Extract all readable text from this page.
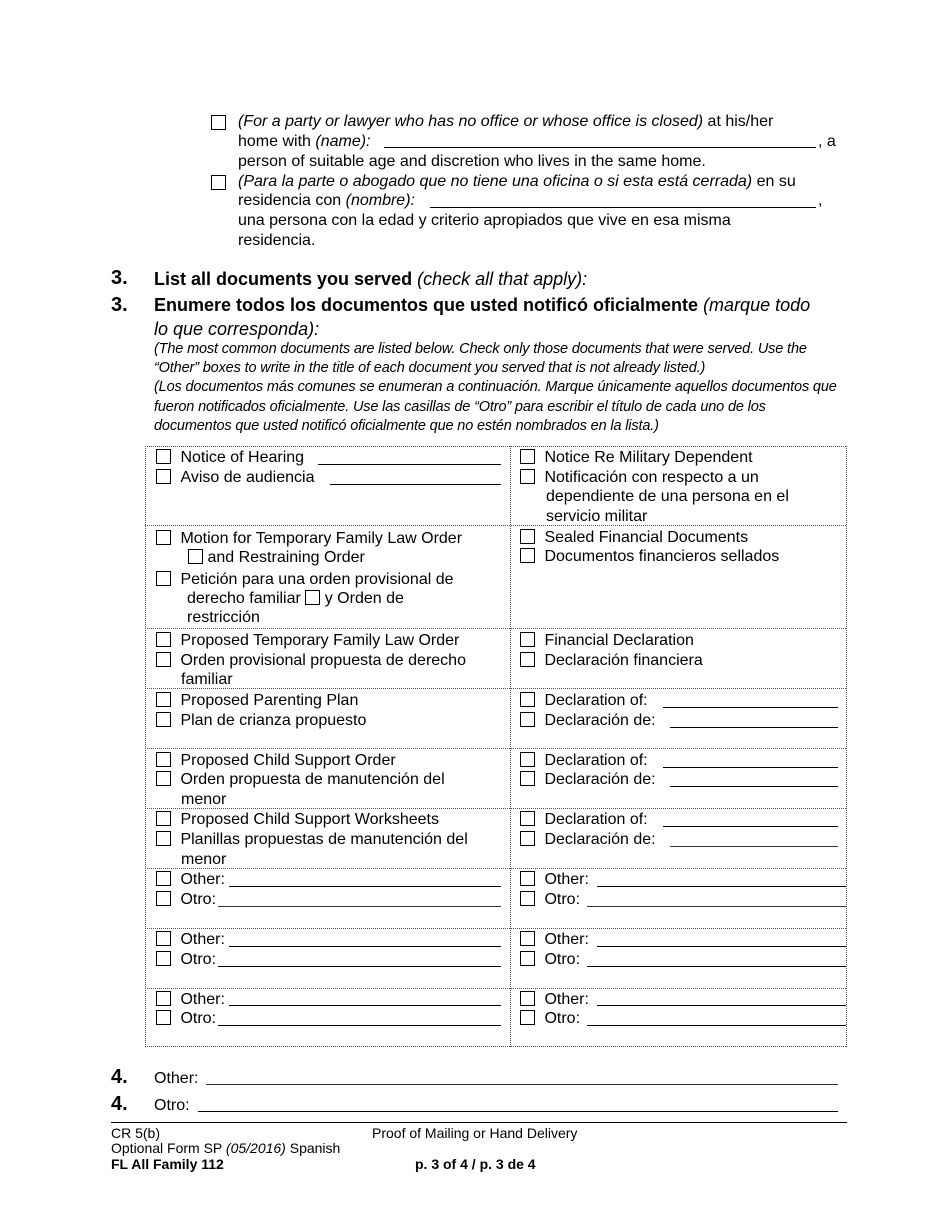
(For a party or lawyer who has no office or whose office is closed) at his/her
home with (name):	, a
person of suitable age and discretion who lives in the same home.
(Para la parte o abogado que no tiene una oficina o si esta está cerrada) en su
residencia con (nombre):	,
una persona con la edad y criterio apropiados que vive en esa misma
residencia.
3. List all documents you served (check all that apply):
3. Enumere todos los documentos que usted notificó oficialmente (marque todo
lo que corresponda):
(The most common documents are listed below. Check only those documents that were served. Use the
“Other” boxes to write in the title of each document you served that is not already listed.)
(Los documentos más comunes se enumeran a continuación. Marque únicamente aquellos documentos que
fueron notificados oficialmente. Use las casillas de “Otro” para escribir el título de cada uno de los
documentos que usted notificó oficialmente que no estén nombrados en la lista.)
Notice of Hearing
Aviso de audiencia
Notice Re Military Dependent
Notificación con respecto a un
dependiente de una persona en el
servicio militar
Motion for Temporary Family Law Order
and Restraining Order
Petición para una orden provisional de
derecho familiar y Orden de
restricción
Sealed Financial Documents
Documentos financieros sellados
Proposed Temporary Family Law Order
Orden provisional propuesta de derecho
familiar
Financial Declaration
Declaración financiera
Proposed Parenting Plan
Plan de crianza propuesto
Declaration of:
Declaración de:
Proposed Child Support Order
Orden propuesta de manutención del
menor
Declaration of:
Declaración de:
Proposed Child Support Worksheets
Planillas propuestas de manutención del
menor
Declaration of:
Declaración de:
Other:
Otro:
Other:
Otro:
Other:
Otro:
Other:
Otro:
Other:
Otro:
Other:
Otro:
4. Other:
4. Otro:
CR 5(b)
Optional Form SP (05/2016) Spanish
FL All Family 112
Proof of Mailing or Hand Delivery
p. 3 of 4 / p. 3 de 4
